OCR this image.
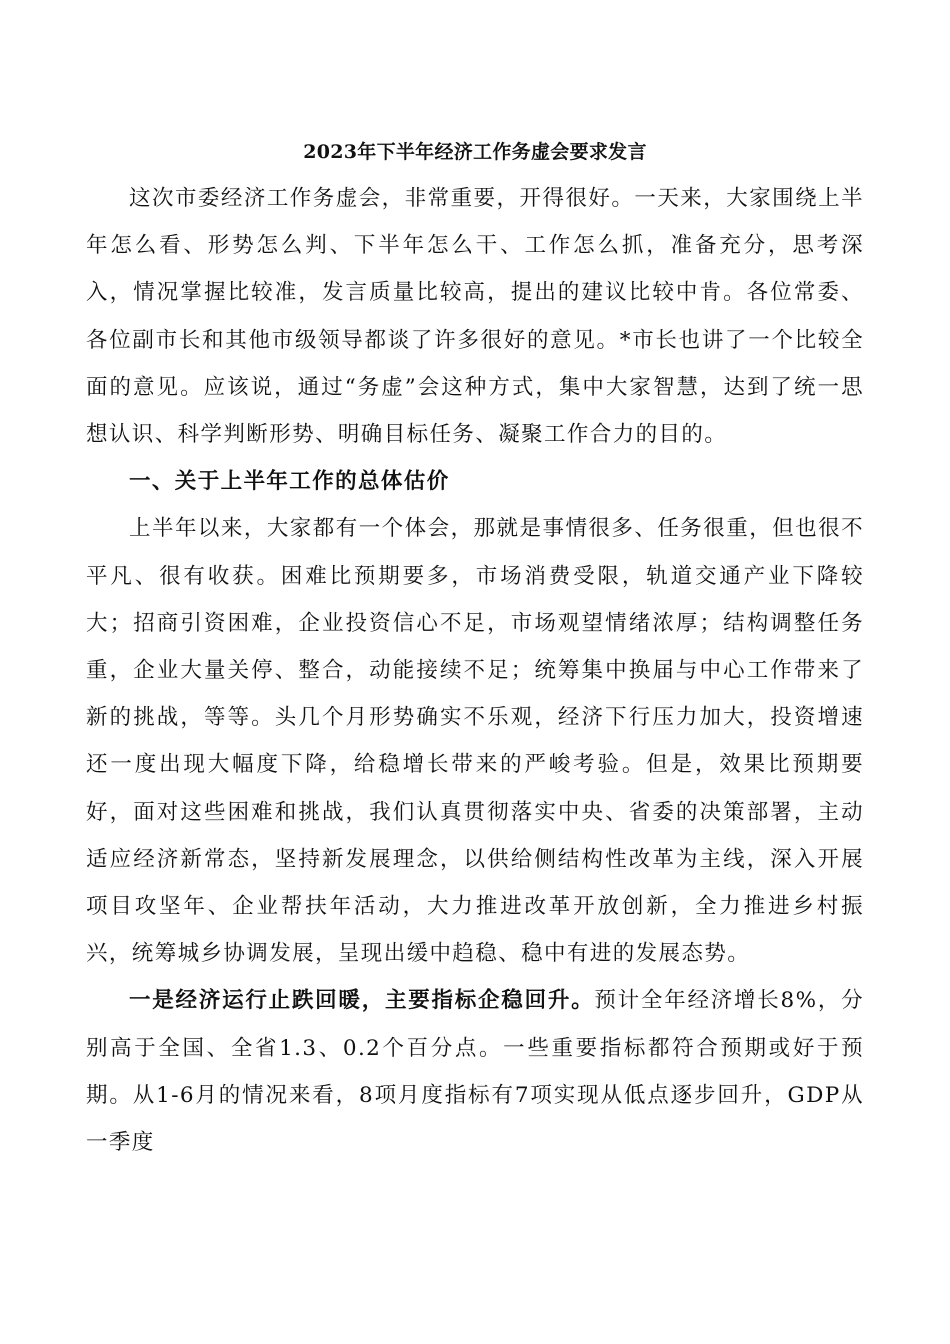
2023年下半年经济工作务虚会要求发言

这次市委经济工作务虚会，非常重要，开得很好。一天来，大家围绕上半年怎么看、形势怎么判、下半年怎么干、工作怎么抓，准备充分，思考深入，情况掌握比较准，发言质量比较高，提出的建议比较中肯。各位常委、各位副市长和其他市级领导都谈了许多很好的意见。*市长也讲了一个比较全面的意见。应该说，通过“务虚”会这种方式，集中大家智慧，达到了统一思想认识、科学判断形势、明确目标任务、凝聚工作合力的目的。

一、关于上半年工作的总体估价

上半年以来，大家都有一个体会，那就是事情很多、任务很重，但也很不平凡、很有收获。困难比预期要多，市场消费受限，轨道交通产业下降较大；招商引资困难，企业投资信心不足，市场观望情绪浓厚；结构调整任务重，企业大量关停、整合，动能接续不足；统筹集中换届与中心工作带来了新的挑战，等等。头几个月形势确实不乐观，经济下行压力加大，投资增速还一度出现大幅度下降，给稳增长带来的严峻考验。但是，效果比预期要好，面对这些困难和挑战，我们认真贯彻落实中央、省委的决策部署，主动适应经济新常态，坚持新发展理念，以供给侧结构性改革为主线，深入开展项目攻坚年、企业帮扶年活动，大力推进改革开放创新，全力推进乡村振兴，统筹城乡协调发展，呈现出缓中趋稳、稳中有进的发展态势。

一是经济运行止跌回暖，主要指标企稳回升。预计全年经济增长8%，分别高于全国、全省1.3、0.2个百分点。一些重要指标都符合预期或好于预期。从1-6月的情况来看，8项月度指标有7项实现从低点逐步回升，GDP从一季度
